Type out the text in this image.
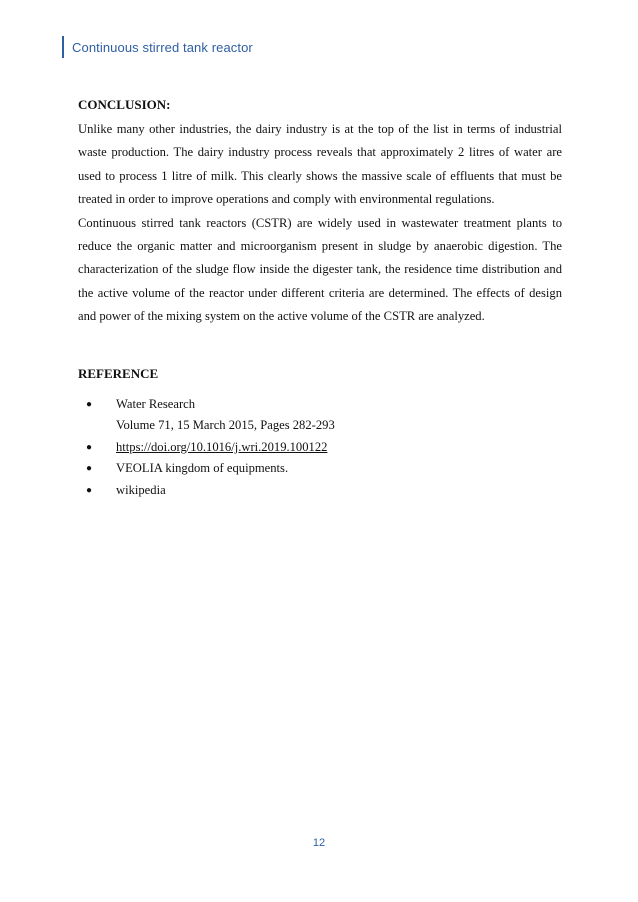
Continuous stirred tank reactor
CONCLUSION:

Unlike many other industries, the dairy industry is at the top of the list in terms of industrial waste production. The dairy industry process reveals that approximately 2 litres of water are used to process 1 litre of milk. This clearly shows the massive scale of effluents that must be treated in order to improve operations and comply with environmental regulations.

Continuous stirred tank reactors (CSTR) are widely used in wastewater treatment plants to reduce the organic matter and microorganism present in sludge by anaerobic digestion. The characterization of the sludge flow inside the digester tank, the residence time distribution and the active volume of the reactor under different criteria are determined. The effects of design and power of the mixing system on the active volume of the CSTR are analyzed.

REFERENCE
● Water Research
Volume 71, 15 March 2015, Pages 282-293
● https://doi.org/10.1016/j.wri.2019.100122
● VEOLIA kingdom of equipments.
● wikipedia
12
